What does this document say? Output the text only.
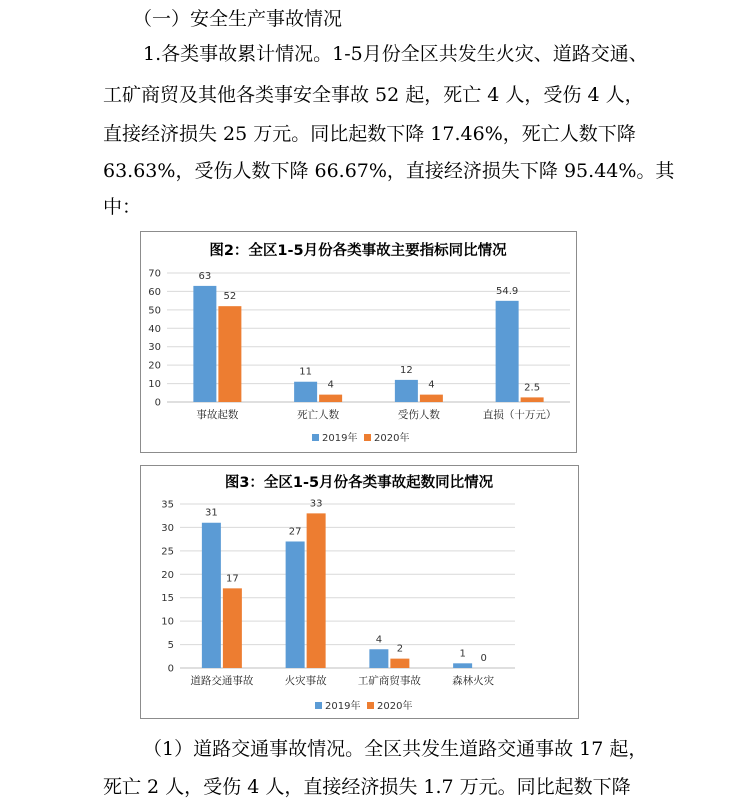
（一）安全生产事故情况
1.各类事故累计情况。1-5月份全区共发生火灾、道路交通、
工矿商贸及其他各类事安全事故 52 起，死亡 4 人，受伤 4 人，
直接经济损失 25 万元。同比起数下降 17.46%，死亡人数下降
63.63%，受伤人数下降 66.67%，直接经济损失下降 95.44%。其
中：
图2：全区1-5月份各类事故主要指标同比情况
0
10
20
30
40
50
60
70	63
52
事故起数
11
4
死亡人数
12
4
受伤人数
54.9
2.5
直损（十万元）
2019年 2020年
图3：全区1-5月份各类事故起数同比情况
0
5
10
15
20
25
30
35
31
17
道路交通事故
27
33
火灾事故
4
2
工矿商贸事故
1 0
森林火灾
2019年 2020年
（1）道路交通事故情况。全区共发生道路交通事故 17 起，
死亡 2 人，受伤 4 人，直接经济损失 1.7 万元。同比起数下降
